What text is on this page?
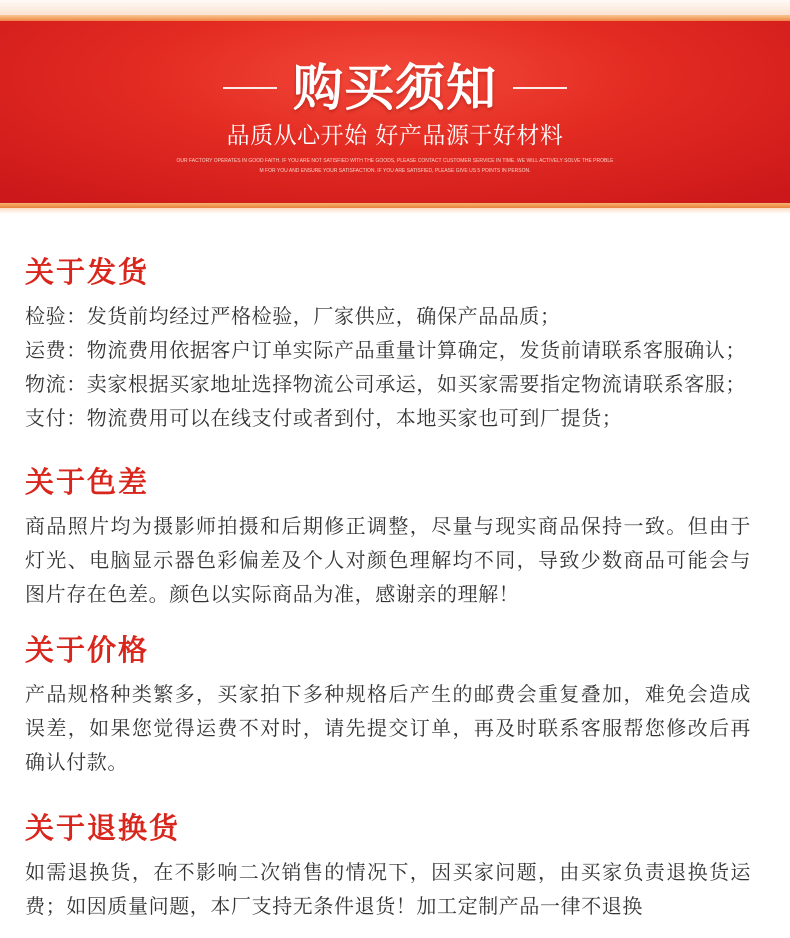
购买须知
品质从心开始 好产品源于好材料
OUR FACTORY OPERATES IN GOOD FAITH. IF YOU ARE NOT SATISFIED WITH THE GOODS, PLEASE CONTACT CUSTOMER SERVICE IN TIME. WE WILL ACTIVELY SOLVE THE PROBLE
M FOR YOU AND ENSURE YOUR SATISFACTION. IF YOU ARE SATISFIED, PLEASE GIVE US 5 POINTS IN PERSON.
关于发货
检验：发货前均经过严格检验，厂家供应，确保产品品质；
运费：物流费用依据客户订单实际产品重量计算确定，发货前请联系客服确认；
物流：卖家根据买家地址选择物流公司承运，如买家需要指定物流请联系客服；
支付：物流费用可以在线支付或者到付，本地买家也可到厂提货；
关于色差
商品照片均为摄影师拍摄和后期修正调整，尽量与现实商品保持一致。但由于
灯光、电脑显示器色彩偏差及个人对颜色理解均不同，导致少数商品可能会与
图片存在色差。颜色以实际商品为准，感谢亲的理解！
关于价格
产品规格种类繁多，买家拍下多种规格后产生的邮费会重复叠加，难免会造成
误差，如果您觉得运费不对时，请先提交订单，再及时联系客服帮您修改后再
确认付款。
关于退换货
如需退换货，在不影响二次销售的情况下，因买家问题，由买家负责退换货运
费；如因质量问题，本厂支持无条件退货！加工定制产品一律不退换
